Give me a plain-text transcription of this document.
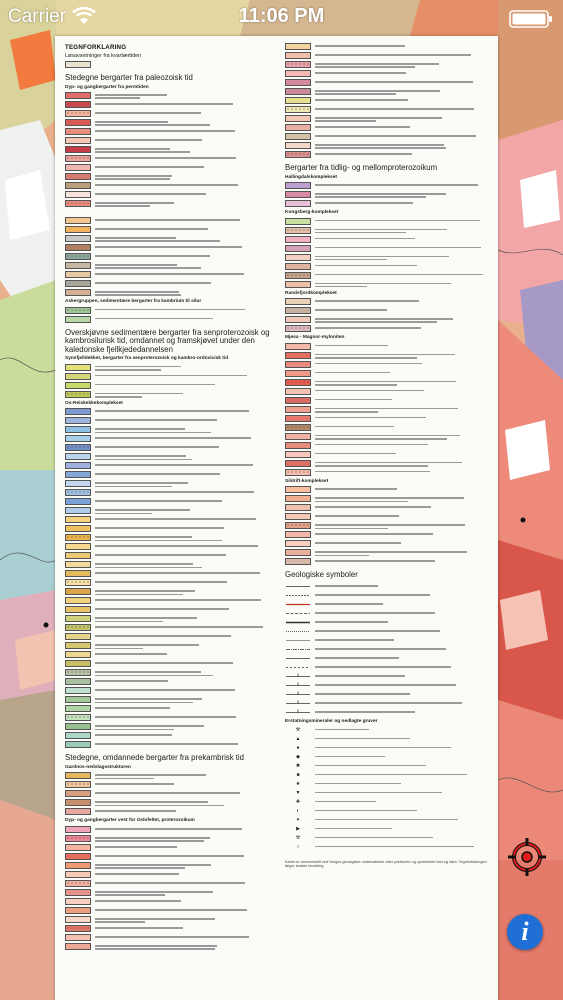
Carrier	11:06 PM
TEGNFORKLARING
Løsavsetninger fra kvartærtiden
Stedegne bergarter fra paleozoisk tid
Dyp- og gangbergarter fra permtiden
Askergruppen, sedimentære bergarter fra kambrium til silur
Overskjøvne sedimentære bergarter fra senproterozoisk og kambrosilurisk tid, omdannet og framskjøvet under den kaledonske fjellkjededannelsen
Synsfjelldekket, bergarter fra senproterozoisk og kambro-ordovicisk tid
Os-Reiskekkekomplekset
Stedegne, omdannede bergarter fra prekambrisk tid
Gardnos-nedslagsstrukturen
Dyp- og gangbergarter vest for Oslofeltet, proterozoikum
Bergarter fra tidlig- og mellomproterozoikum
Hallingdalskomplekset
Kongsberg-komplekset
Randsfjordkomplekset
Mjøsa - Magnor-myloniten
Sildrift-komplekset
Geologiske symboler
Erstatningsmineraler og nedlagte gruver
⚒
▲
●
◆
✖
■
★
▼
✚
◐
✦
▶
⚒
○
Kartet er sammenstilt ved Norges geologiske undersøkelse etter publiserte og upubliserte kart og data. Tegnforklaringen følger kartets inndeling.
i
